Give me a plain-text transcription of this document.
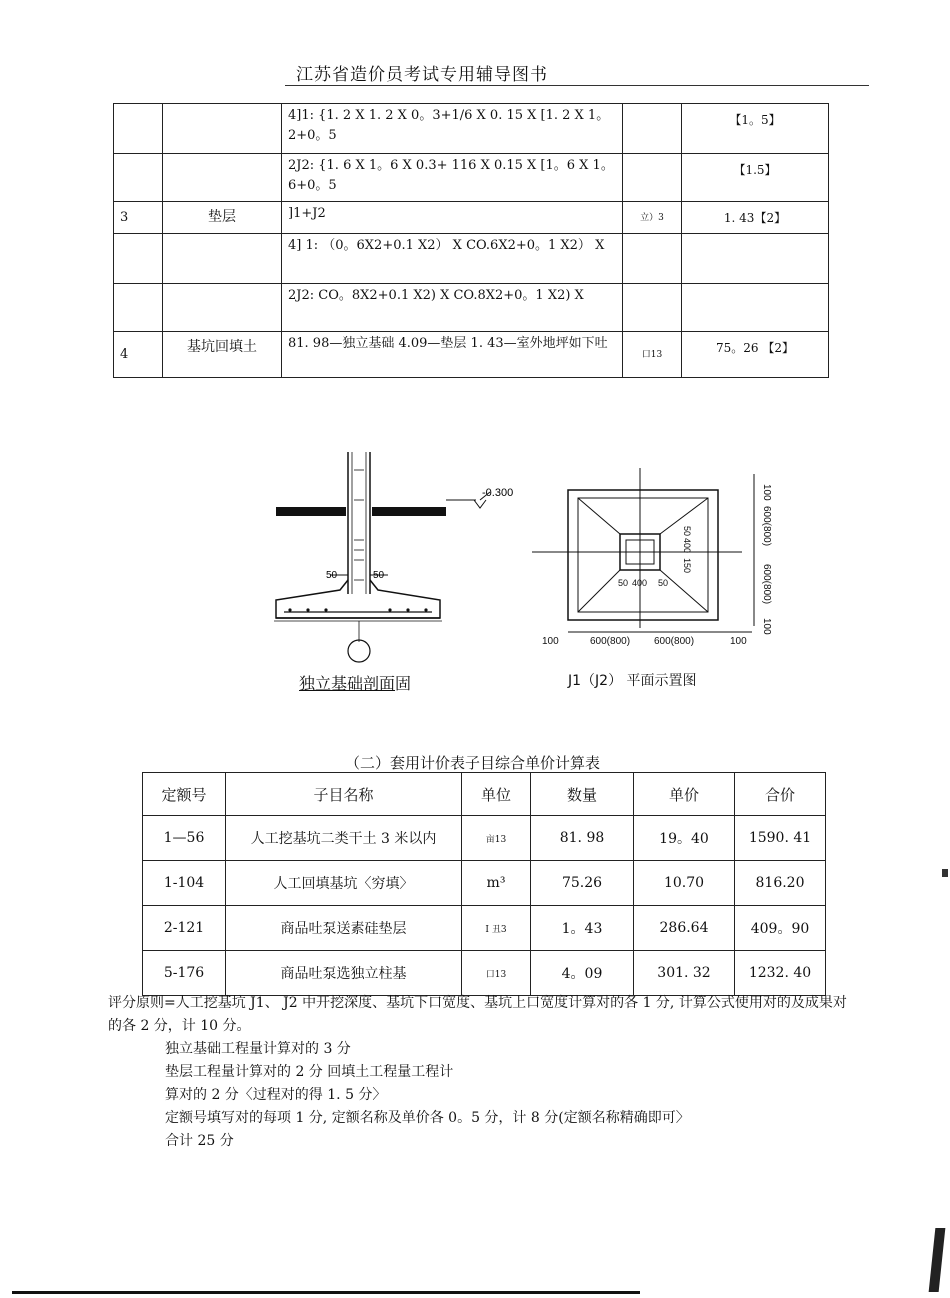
江苏省造价员考试专用辅导图书
		4]1: {1. 2 X 1. 2 X 0。3+1/6 X 0. 15 X [1. 2 X 1。2+0。5		【1。5】
		2J2: {1. 6 X 1。6 X 0.3+ 116 X 0.15 X [1。6 X 1。6+0。5		【1.5】
3	垫层	]1+J2	立）3	1. 43【2】
		4] 1: （0。6X2+0.1 X2） X CO.6X2+0。1 X2） X		
		2J2: CO。8X2+0.1 X2) X CO.8X2+0。1 X2) X		
4	基坑回填土	81. 98—独立基础 4.09—垫层 1. 43—室外地坪如下吐	口13	75。26 【2】
50	50
-0.300
100	600(800) 600(800)	100
50 400 50
100
600(800)
600(800)
100
50
400
150
独立基础剖面固	J1（J2） 平面示置图
（二）套用计价表子目综合单价计算表
定额号	子目名称	单位	数量	单价	合价
1—56	人工挖基坑二类干土 3 米以内	亩13	81. 98	19。40	1590. 41
1-104	人工回填基坑〈穷填〉	m³	75.26	10.70	816.20
2-121	商品吐泵送素硅垫层	I 丑3	1。43	286.64	409。90
5-176	商品吐泵选独立柱基	口13	4。09	301. 32	1232. 40

评分原则=人工挖基坑 J1、 J2 中开挖深度、基坑下口宽度、基坑上口宽度计算对的各 1 分, 计算公式使用对的及成果对的各 2 分，计 10 分。

独立基础工程量计算对的 3 分

垫层工程量计算对的 2 分 回填土工程量工程计

算对的 2 分〈过程对的得 1. 5 分〉

定额号填写对的每项 1 分, 定额名称及单价各 0。5 分，计 8 分(定额名称精确即可〉

合计 25 分
